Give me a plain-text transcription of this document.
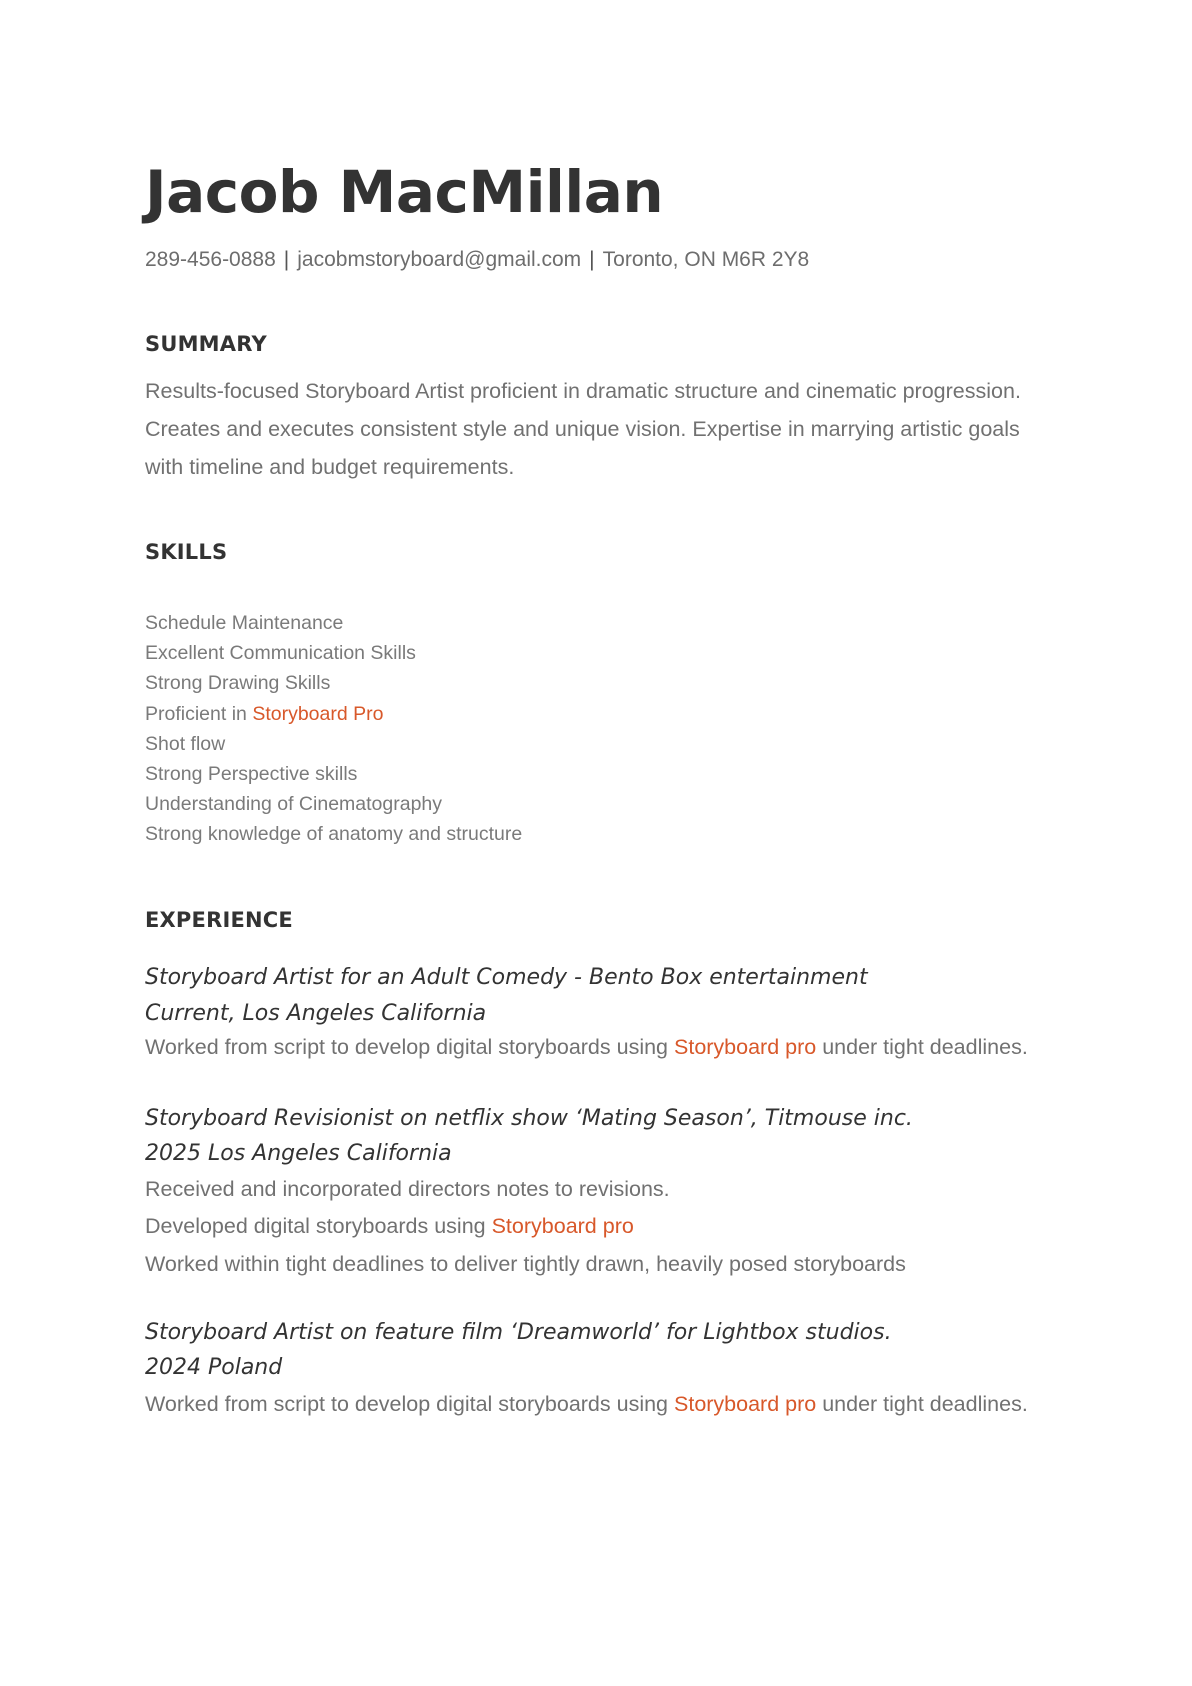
Jacob MacMillan
289-456-0888 | jacobmstoryboard@gmail.com | Toronto, ON M6R 2Y8
SUMMARY
Results-focused Storyboard Artist proficient in dramatic structure and cinematic progression. Creates and executes consistent style and unique vision. Expertise in marrying artistic goals with timeline and budget requirements.
SKILLS
Schedule Maintenance
Excellent Communication Skills
Strong Drawing Skills
Proficient in Storyboard Pro
Shot flow
Strong Perspective skills
Understanding of Cinematography
Strong knowledge of anatomy and structure
EXPERIENCE
Storyboard Artist for an Adult Comedy - Bento Box entertainment
Current, Los Angeles California
Worked from script to develop digital storyboards using Storyboard pro under tight deadlines.
Storyboard Revisionist on netflix show ‘Mating Season’, Titmouse inc.
2025 Los Angeles California
Received and incorporated directors notes to revisions.
Developed digital storyboards using Storyboard pro
Worked within tight deadlines to deliver tightly drawn, heavily posed storyboards
Storyboard Artist on feature film ‘Dreamworld’ for Lightbox studios.
2024 Poland
Worked from script to develop digital storyboards using Storyboard pro under tight deadlines.
